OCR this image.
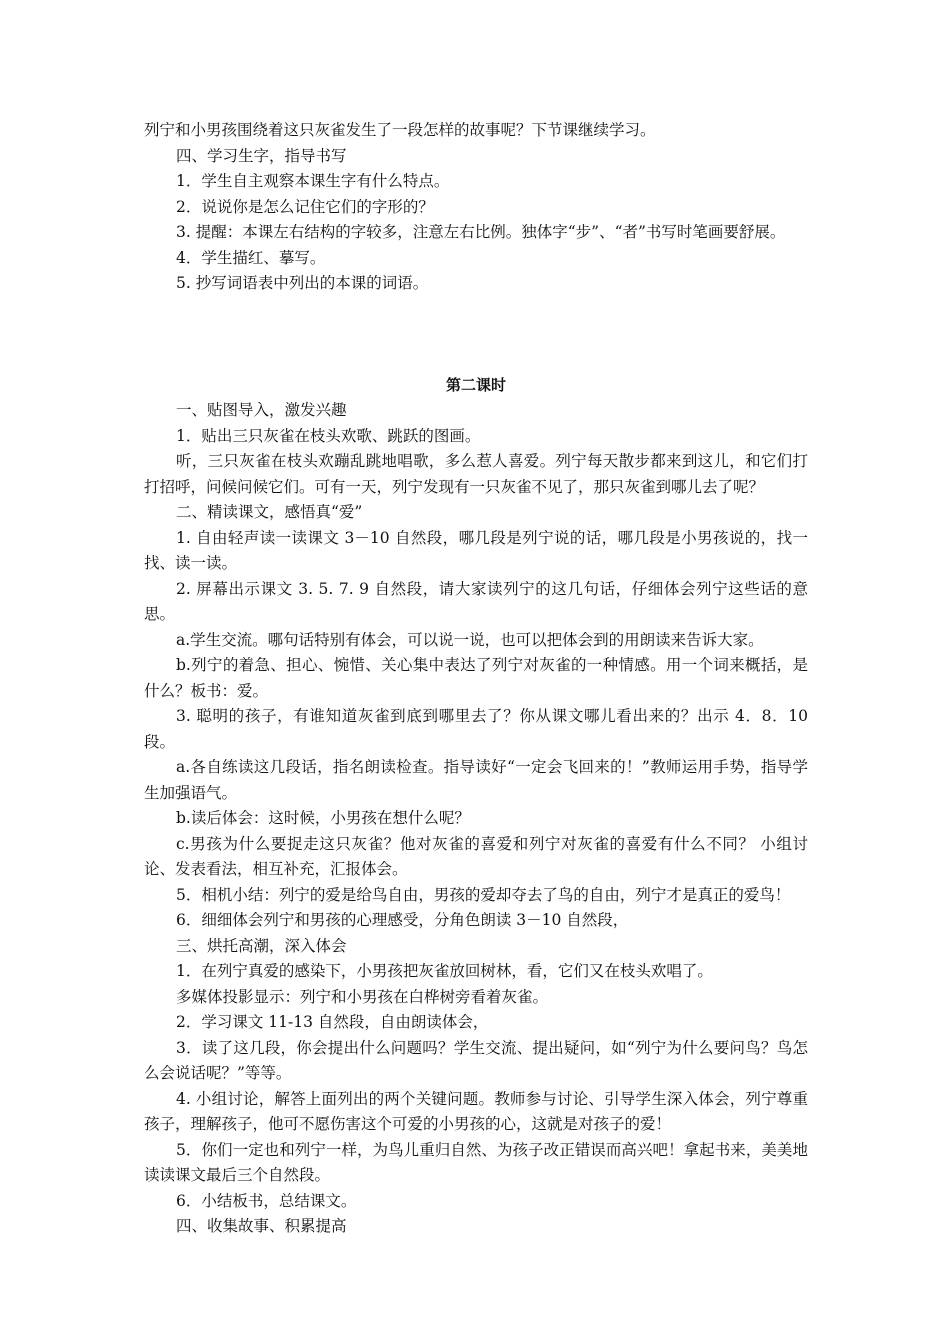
列宁和小男孩围绕着这只灰雀发生了一段怎样的故事呢？下节课继续学习。

四、学习生字，指导书写

1．学生自主观察本课生字有什么特点。

2．说说你是怎么记住它们的字形的？

3. 提醒：本课左右结构的字较多，注意左右比例。独体字“步”、“者”书写时笔画要舒展。

4．学生描红、摹写。

5. 抄写词语表中列出的本课的词语。

第二课时

一、贴图导入，激发兴趣

1．贴出三只灰雀在枝头欢歌、跳跃的图画。

听，三只灰雀在枝头欢蹦乱跳地唱歌，多么惹人喜爱。列宁每天散步都来到这儿，和它们打打招呼，问候问候它们。可有一天，列宁发现有一只灰雀不见了，那只灰雀到哪儿去了呢？

二、精读课文，感悟真“爱”

1. 自由轻声读一读课文 3－10 自然段，哪几段是列宁说的话，哪几段是小男孩说的，找一找、读一读。

2. 屏幕出示课文 3. 5. 7. 9 自然段，请大家读列宁的这几句话，仔细体会列宁这些话的意思。

a.学生交流。哪句话特别有体会，可以说一说，也可以把体会到的用朗读来告诉大家。

b.列宁的着急、担心、惋惜、关心集中表达了列宁对灰雀的一种情感。用一个词来概括，是什么？板书：爱。

3. 聪明的孩子，有谁知道灰雀到底到哪里去了？你从课文哪儿看出来的？出示 4．8．10 段。

a.各自练读这几段话，指名朗读检查。指导读好“一定会飞回来的！”教师运用手势，指导学生加强语气。

b.读后体会：这时候，小男孩在想什么呢？

c.男孩为什么要捉走这只灰雀？他对灰雀的喜爱和列宁对灰雀的喜爱有什么不同？ 小组讨论、发表看法，相互补充，汇报体会。

5．相机小结：列宁的爱是给鸟自由，男孩的爱却夺去了鸟的自由，列宁才是真正的爱鸟！

6．细细体会列宁和男孩的心理感受，分角色朗读 3－10 自然段，

三、烘托高潮，深入体会

1．在列宁真爱的感染下，小男孩把灰雀放回树林，看，它们又在枝头欢唱了。

多媒体投影显示：列宁和小男孩在白桦树旁看着灰雀。

2．学习课文 11-13 自然段，自由朗读体会，

3．读了这几段，你会提出什么问题吗？学生交流、提出疑问，如“列宁为什么要问鸟？鸟怎么会说话呢？”等等。

4. 小组讨论，解答上面列出的两个关键问题。教师参与讨论、引导学生深入体会，列宁尊重孩子，理解孩子，他可不愿伤害这个可爱的小男孩的心，这就是对孩子的爱！

5．你们一定也和列宁一样，为鸟儿重归自然、为孩子改正错误而高兴吧！拿起书来，美美地读读课文最后三个自然段。

6．小结板书，总结课文。

四、收集故事、积累提高
